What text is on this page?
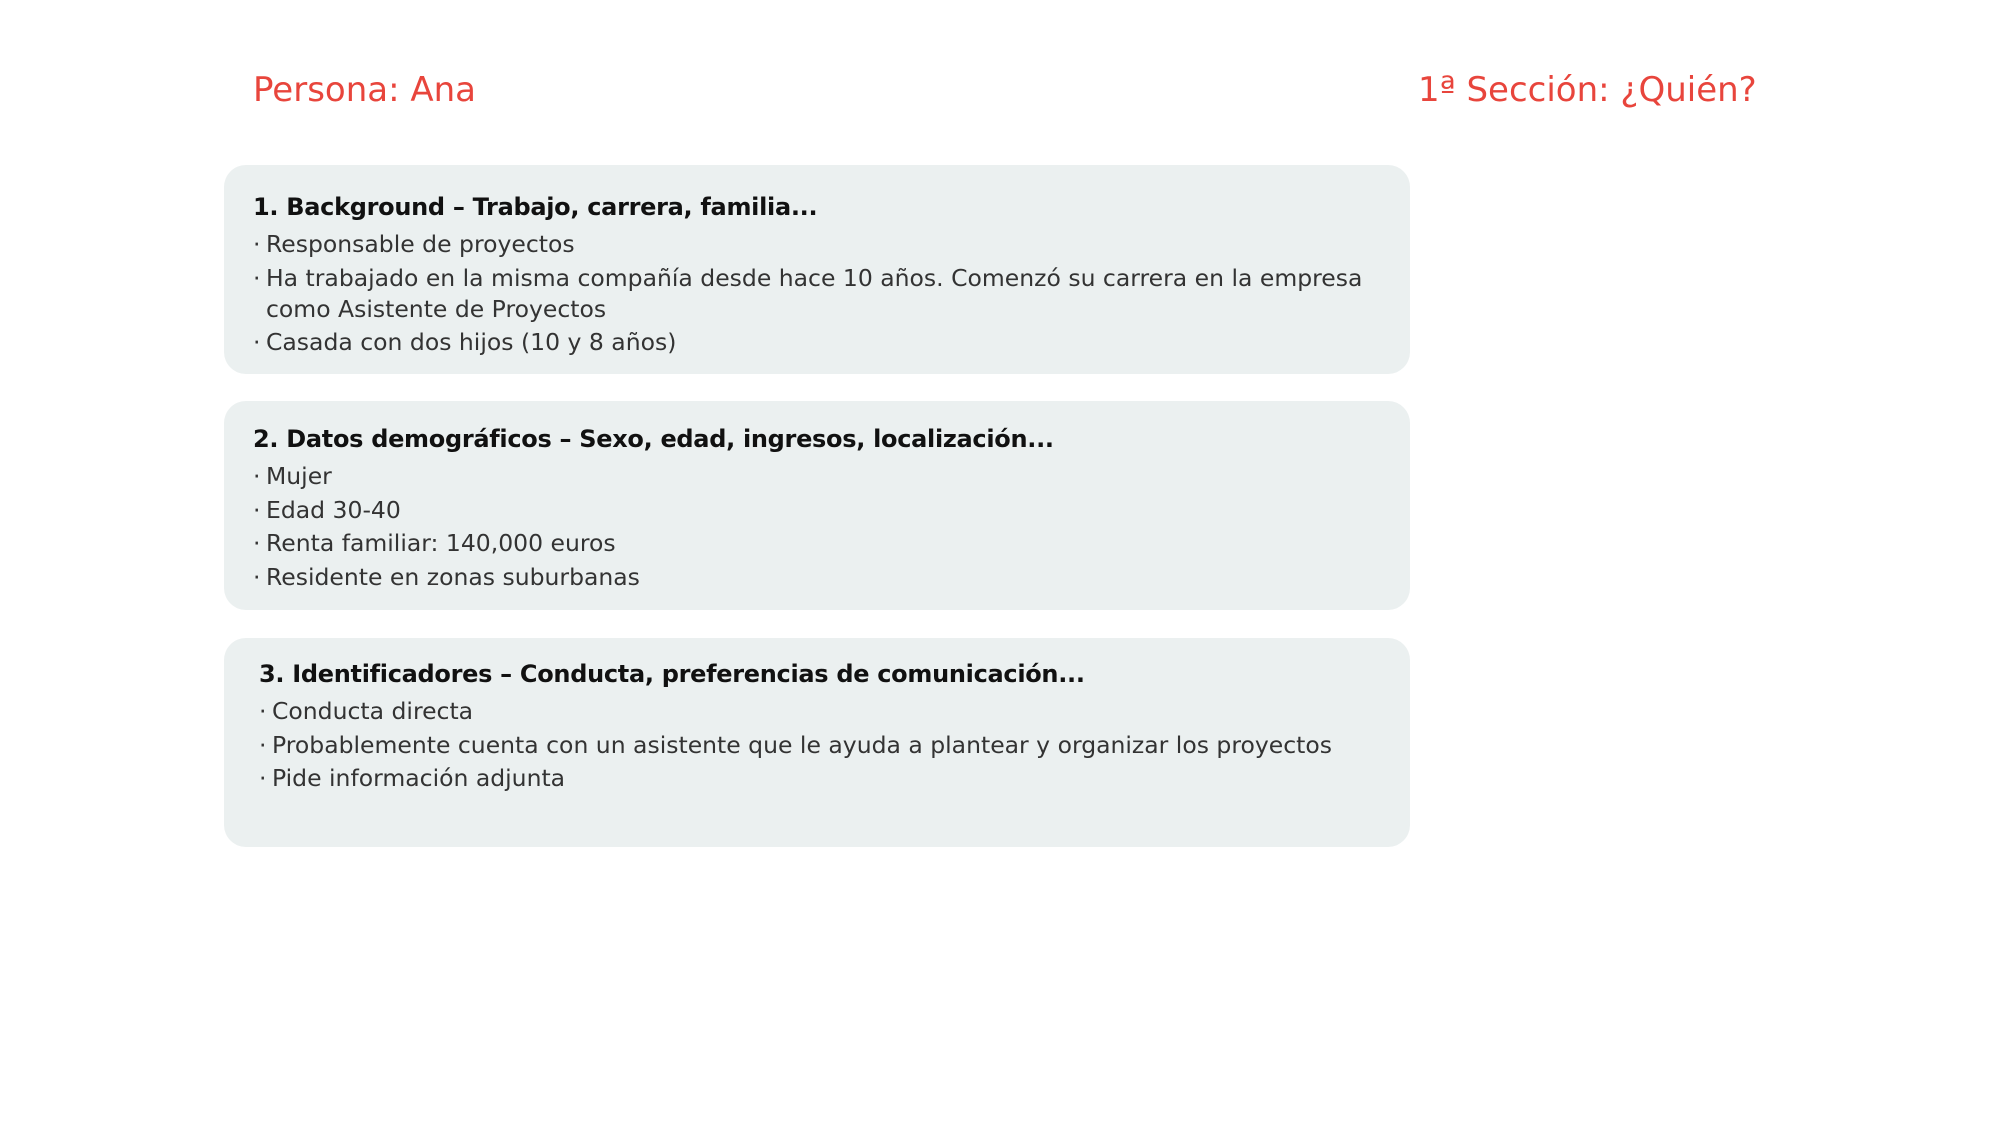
Persona: Ana	1ª Sección: ¿Quién?
1. Background – Trabajo, carrera, familia...
· Responsable de proyectos
· Ha trabajado en la misma compañía desde hace 10 años. Comenzó su carrera en la empresa como Asistente de Proyectos
· Casada con dos hijos (10 y 8 años)
2. Datos demográficos – Sexo, edad, ingresos, localización...
· Mujer
· Edad 30-40
· Renta familiar: 140,000 euros
· Residente en zonas suburbanas
3. Identificadores – Conducta, preferencias de comunicación...
· Conducta directa
· Probablemente cuenta con un asistente que le ayuda a plantear y organizar los proyectos
· Pide información adjunta
